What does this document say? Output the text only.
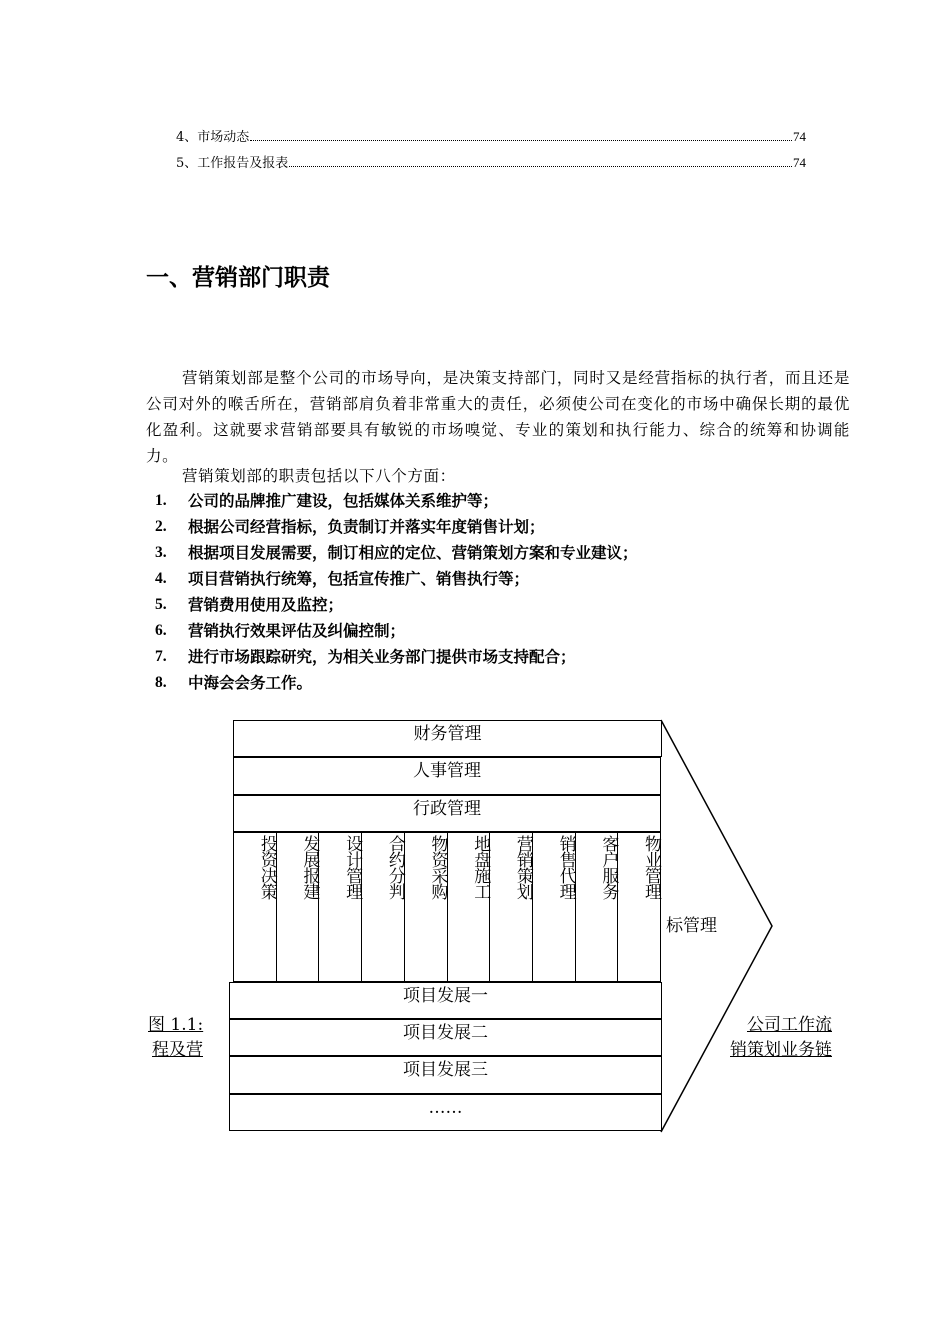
4、市场动态	74
5、工作报告及报表	74
一、营销部门职责
营销策划部是整个公司的市场导向，是决策支持部门，同时又是经营指标的执行者，而且还是公司对外的喉舌所在，营销部肩负着非常重大的责任，必须使公司在变化的市场中确保长期的最优化盈利。这就要求营销部要具有敏锐的市场嗅觉、专业的策划和执行能力、综合的统筹和协调能力。
营销策划部的职责包括以下八个方面：
1.	公司的品牌推广建设，包括媒体关系维护等；
2.	根据公司经营指标，负责制订并落实年度销售计划；
3.	根据项目发展需要，制订相应的定位、营销策划方案和专业建议；
4.	项目营销执行统筹，包括宣传推广、销售执行等；
5.	营销费用使用及监控；
6.	营销执行效果评估及纠偏控制；
7.	进行市场跟踪研究，为相关业务部门提供市场支持配合；
8.	中海会会务工作。
财务管理
人事管理
行政管理
投资决策	发展报建	设计管理	合约分判	物资采购	地盘施工	营销策划	销售代理	客户服务	物业管理
项目发展一
项目发展二
项目发展三
……
标管理
图 1.1:
程及营
公司工作流
销策划业务链
